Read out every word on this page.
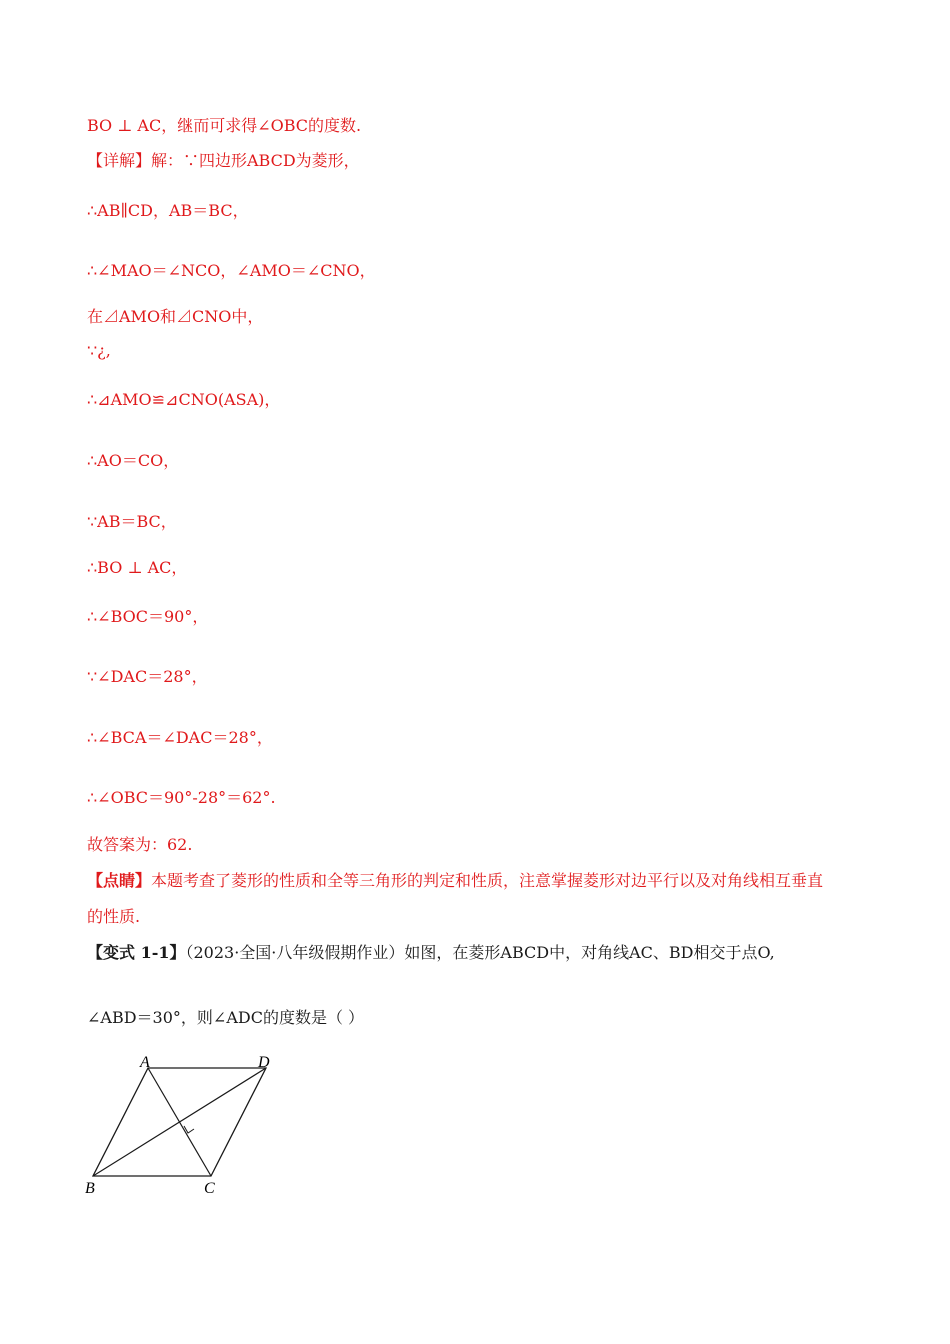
BO ⊥ AC，继而可求得∠OBC的度数.
【详解】解：∵四边形ABCD为菱形，
∴AB∥CD，AB＝BC，
∴∠MAO＝∠NCO，∠AMO＝∠CNO，
在⊿AMO和⊿CNO中，
∵¿,
∴⊿AMO≌⊿CNO(ASA)，
∴AO＝CO，
∵AB＝BC，
∴BO ⊥ AC，
∴∠BOC＝90°，
∵∠DAC＝28°，
∴∠BCA＝∠DAC＝28°，
∴∠OBC＝90°-28°＝62°.
故答案为：62.
【点睛】本题考查了菱形的性质和全等三角形的判定和性质，注意掌握菱形对边平行以及对角线相互垂直
的性质.
【变式 1-1】（2023·全国·八年级假期作业）如图，在菱形ABCD中，对角线AC、BD相交于点O,
∠ABD＝30°，则∠ADC的度数是（ ）
A	D
B	C
